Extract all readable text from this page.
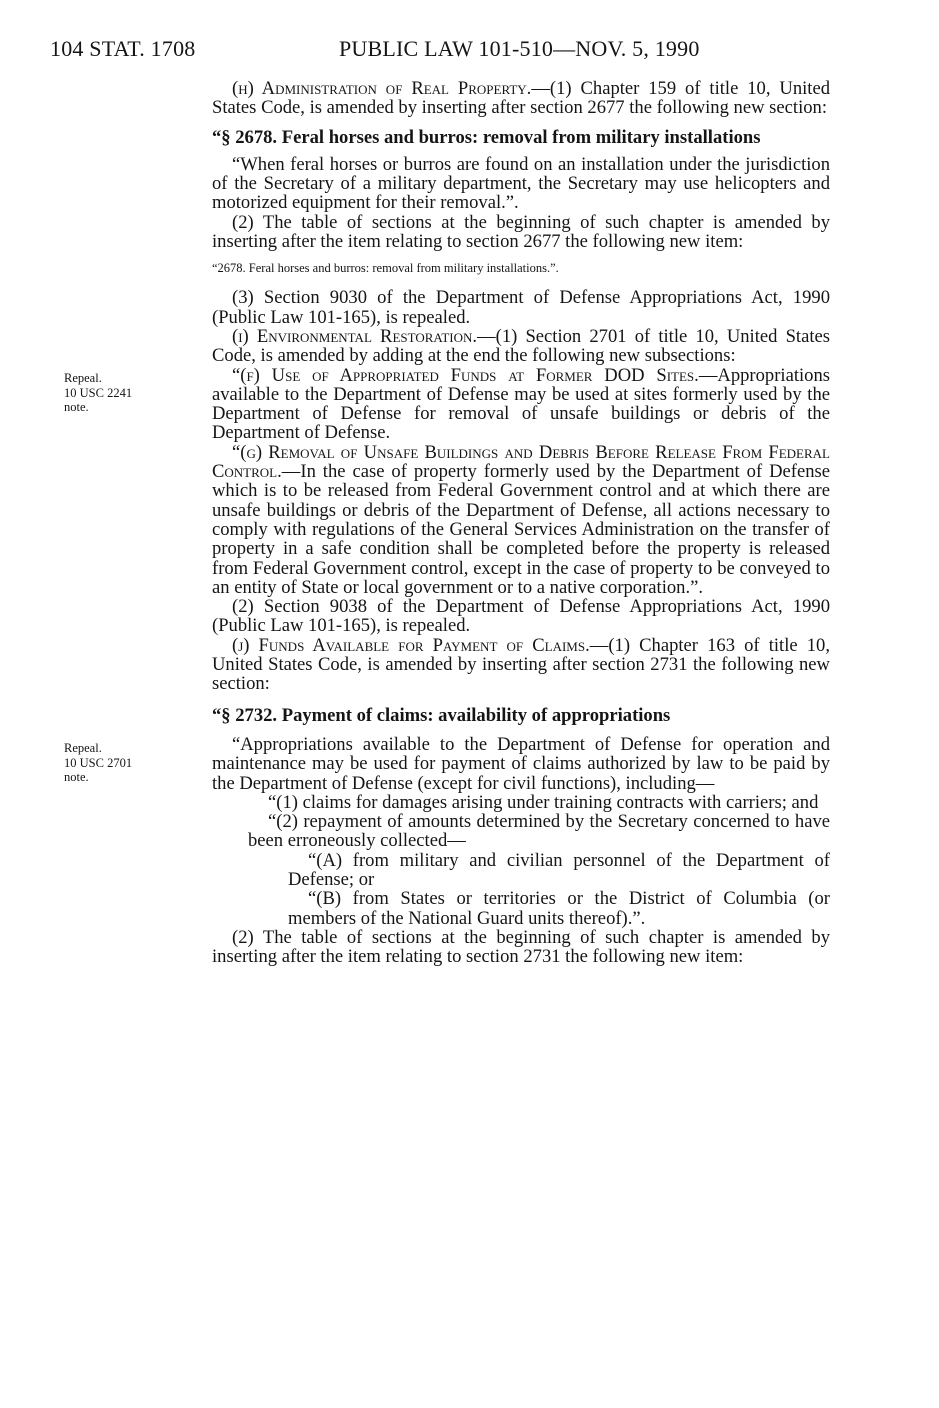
104 STAT. 1708	PUBLIC LAW 101-510—NOV. 5, 1990
Repeal.
10 USC 2241
note.
Repeal.
10 USC 2701
note.

(h) Administration of Real Property.—(1) Chapter 159 of title 10, United States Code, is amended by inserting after section 2677 the following new section:

“§ 2678. Feral horses and burros: removal from military installations

“When feral horses or burros are found on an installation under the jurisdiction of the Secretary of a military department, the Secretary may use helicopters and motorized equipment for their removal.”.

(2) The table of sections at the beginning of such chapter is amended by inserting after the item relating to section 2677 the following new item:

“2678. Feral horses and burros: removal from military installations.”.

(3) Section 9030 of the Department of Defense Appropriations Act, 1990 (Public Law 101-165), is repealed.

(i) Environmental Restoration.—(1) Section 2701 of title 10, United States Code, is amended by adding at the end the following new subsections:

“(f) Use of Appropriated Funds at Former DOD Sites.—Appropriations available to the Department of Defense may be used at sites formerly used by the Department of Defense for removal of unsafe buildings or debris of the Department of Defense.

“(g) Removal of Unsafe Buildings and Debris Before Release From Federal Control.—In the case of property formerly used by the Department of Defense which is to be released from Federal Government control and at which there are unsafe buildings or debris of the Department of Defense, all actions necessary to comply with regulations of the General Services Administration on the transfer of property in a safe condition shall be completed before the property is released from Federal Government control, except in the case of property to be conveyed to an entity of State or local government or to a native corporation.”.

(2) Section 9038 of the Department of Defense Appropriations Act, 1990 (Public Law 101-165), is repealed.

(j) Funds Available for Payment of Claims.—(1) Chapter 163 of title 10, United States Code, is amended by inserting after section 2731 the following new section:

“§ 2732. Payment of claims: availability of appropriations

“Appropriations available to the Department of Defense for operation and maintenance may be used for payment of claims authorized by law to be paid by the Department of Defense (except for civil functions), including—

“(1) claims for damages arising under training contracts with carriers; and

“(2) repayment of amounts determined by the Secretary concerned to have been erroneously collected—

“(A) from military and civilian personnel of the Department of Defense; or

“(B) from States or territories or the District of Columbia (or members of the National Guard units thereof).”.

(2) The table of sections at the beginning of such chapter is amended by inserting after the item relating to section 2731 the following new item:
